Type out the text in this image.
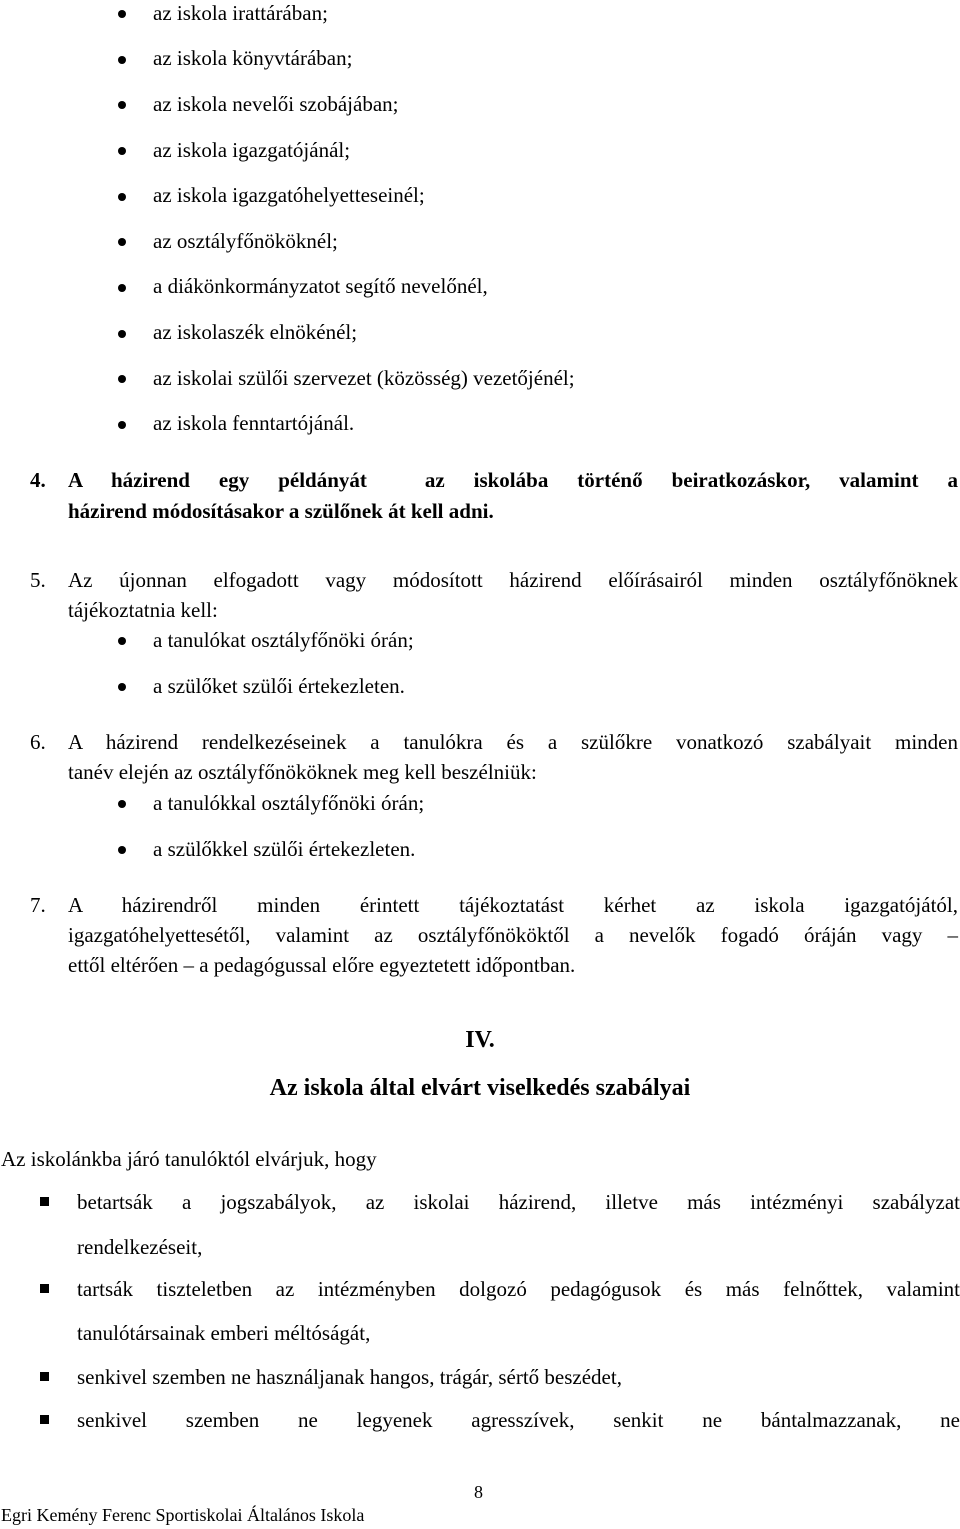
az iskola irattárában;
az iskola könyvtárában;
az iskola nevelői szobájában;
az iskola igazgatójánál;
az iskola igazgatóhelyetteseinél;
az osztályfőnököknél;
a diákönkormányzatot segítő nevelőnél,
az iskolaszék elnökénél;
az iskolai szülői szervezet (közösség) vezetőjénél;
az iskola fenntartójánál.
4. A házirend egy példányát  az iskolába történő beiratkozáskor, valamint a
házirend módosításakor a szülőnek át kell adni.
5. Az újonnan elfogadott vagy módosított házirend előírásairól minden osztályfőnöknek
tájékoztatnia kell:
a tanulókat osztályfőnöki órán;
a szülőket szülői értekezleten.
6. A házirend rendelkezéseinek a tanulókra és a szülőkre vonatkozó szabályait minden
tanév elején az osztályfőnököknek meg kell beszélniük:
a tanulókkal osztályfőnöki órán;
a szülőkkel szülői értekezleten.
7. A házirendről minden érintett tájékoztatást kérhet az iskola igazgatójától,
igazgatóhelyettesétől, valamint az osztályfőnököktől a nevelők fogadó óráján vagy –
ettől eltérően – a pedagógussal előre egyeztetett időpontban.
IV.
Az iskola által elvárt viselkedés szabályai
Az iskolánkba járó tanulóktól elvárjuk, hogy
betartsák a jogszabályok, az iskolai házirend, illetve más intézményi szabályzat
rendelkezéseit,
tartsák tiszteletben az intézményben dolgozó pedagógusok és más felnőttek, valamint
tanulótársainak emberi méltóságát,
senkivel szemben ne használjanak hangos, trágár, sértő beszédet,
senkivel szemben ne legyenek agresszívek, senkit ne bántalmazzanak, ne
8
Egri Kemény Ferenc Sportiskolai Általános Iskola
